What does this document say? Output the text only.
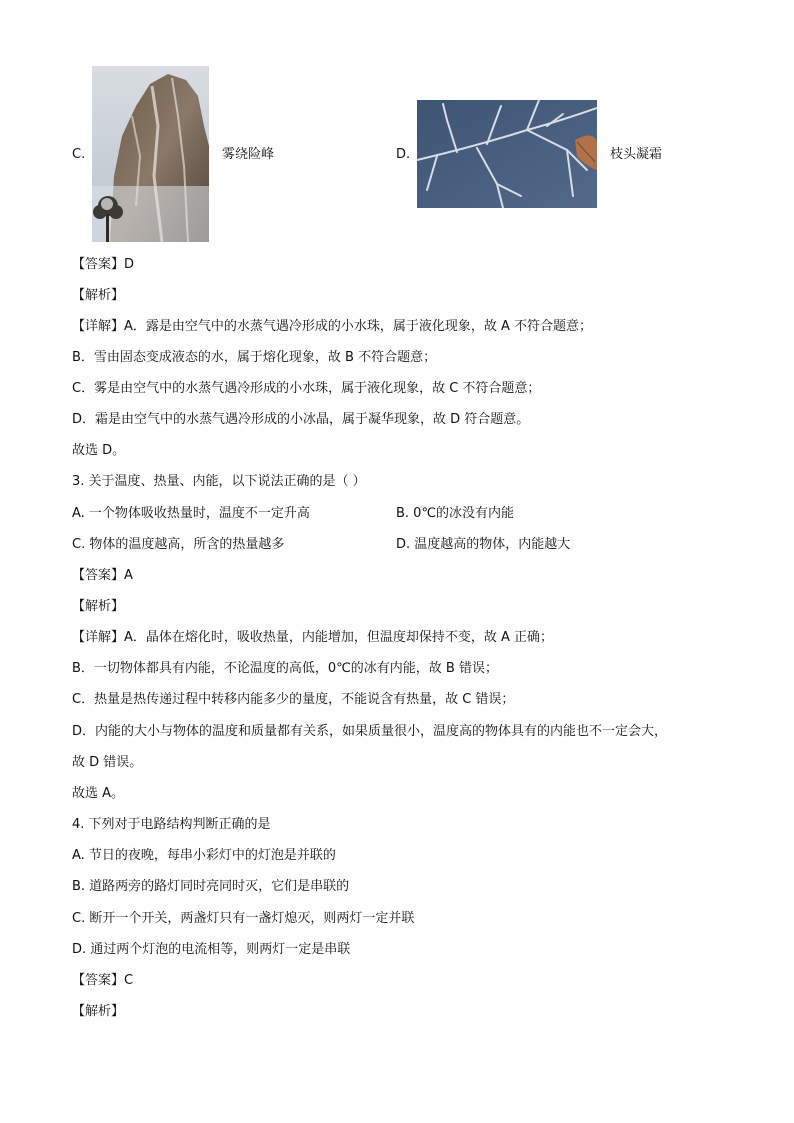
C.	雾绕险峰	D.	枝头凝霜
【答案】D
【解析】
【详解】A．露是由空气中的水蒸气遇冷形成的小水珠，属于液化现象，故 A 不符合题意；
B．雪由固态变成液态的水，属于熔化现象，故 B 不符合题意；
C．雾是由空气中的水蒸气遇冷形成的小水珠，属于液化现象，故 C 不符合题意；
D．霜是由空气中的水蒸气遇冷形成的小冰晶，属于凝华现象，故 D 符合题意。
故选 D。
3. 关于温度、热量、内能，以下说法正确的是（ ）
A. 一个物体吸收热量时，温度不一定升高	B. 0℃的冰没有内能
C. 物体的温度越高，所含的热量越多	D. 温度越高的物体，内能越大
【答案】A
【解析】
【详解】A．晶体在熔化时，吸收热量，内能增加，但温度却保持不变，故 A 正确；
B．一切物体都具有内能，不论温度的高低，0℃的冰有内能，故 B 错误；
C．热量是热传递过程中转移内能多少的量度，不能说含有热量，故 C 错误；
D．内能的大小与物体的温度和质量都有关系，如果质量很小，温度高的物体具有的内能也不一定会大，
故 D 错误。
故选 A。
4. 下列对于电路结构判断正确的是
A. 节日的夜晚，每串小彩灯中的灯泡是并联的
B. 道路两旁的路灯同时亮同时灭，它们是串联的
C. 断开一个开关，两盏灯只有一盏灯熄灭，则两灯一定并联
D. 通过两个灯泡的电流相等，则两灯一定是串联
【答案】C
【解析】
